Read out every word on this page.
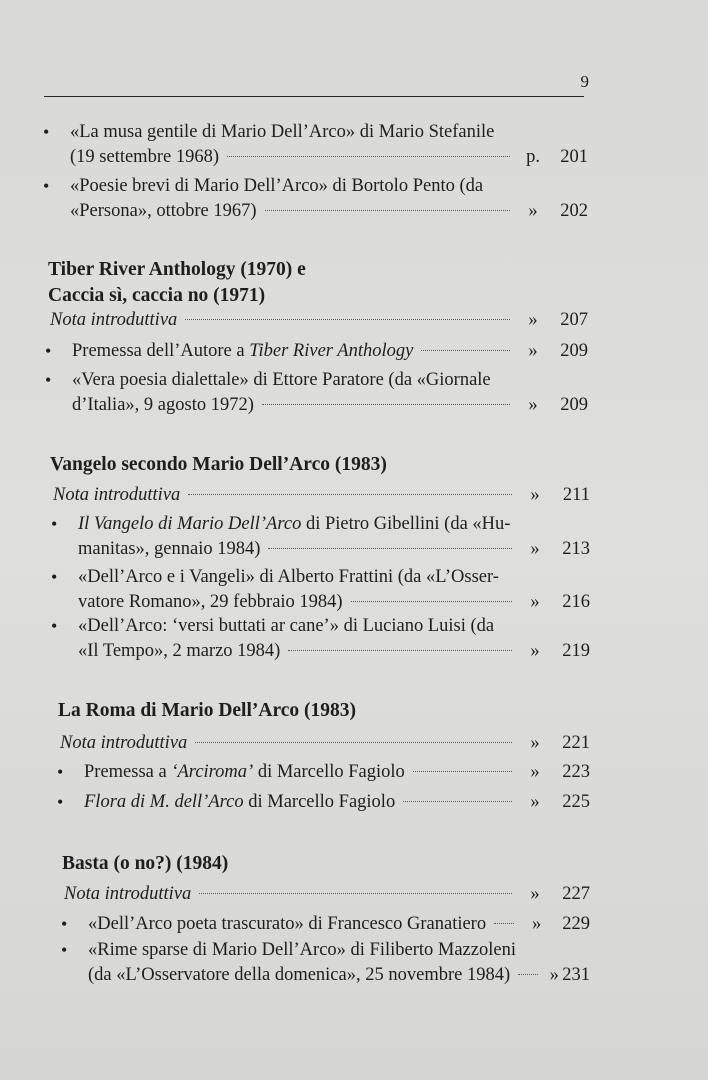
9
• «La musa gentile di Mario Dell’Arco» di Mario Stefanile
(19 settembre 1968)	p.	201
• «Poesie brevi di Mario Dell’Arco» di Bortolo Pento (da
«Persona», ottobre 1967)	»	202
Tiber River Anthology (1970) e
Caccia sì, caccia no (1971)
Nota introduttiva	»	207
• Premessa dell’Autore a Tiber River Anthology	»	209
• «Vera poesia dialettale» di Ettore Paratore (da «Giornale
d’Italia», 9 agosto 1972)	»	209
Vangelo secondo Mario Dell’Arco (1983)
Nota introduttiva	»	211
• Il Vangelo di Mario Dell’Arco di Pietro Gibellini (da «Hu-
manitas», gennaio 1984)	»	213
• «Dell’Arco e i Vangeli» di Alberto Frattini (da «L’Osser-
vatore Romano», 29 febbraio 1984)	»	216
• «Dell’Arco: ‘versi buttati ar cane’» di Luciano Luisi (da
«Il Tempo», 2 marzo 1984)	»	219
La Roma di Mario Dell’Arco (1983)
Nota introduttiva	»	221
• Premessa a ‘Arciroma’ di Marcello Fagiolo	»	223
• Flora di M. dell’Arco di Marcello Fagiolo	»	225
Basta (o no?) (1984)
Nota introduttiva	»	227
• «Dell’Arco poeta trascurato» di Francesco Granatiero	»	229
• «Rime sparse di Mario Dell’Arco» di Filiberto Mazzoleni
(da «L’Osservatore della domenica», 25 novembre 1984) » 231
